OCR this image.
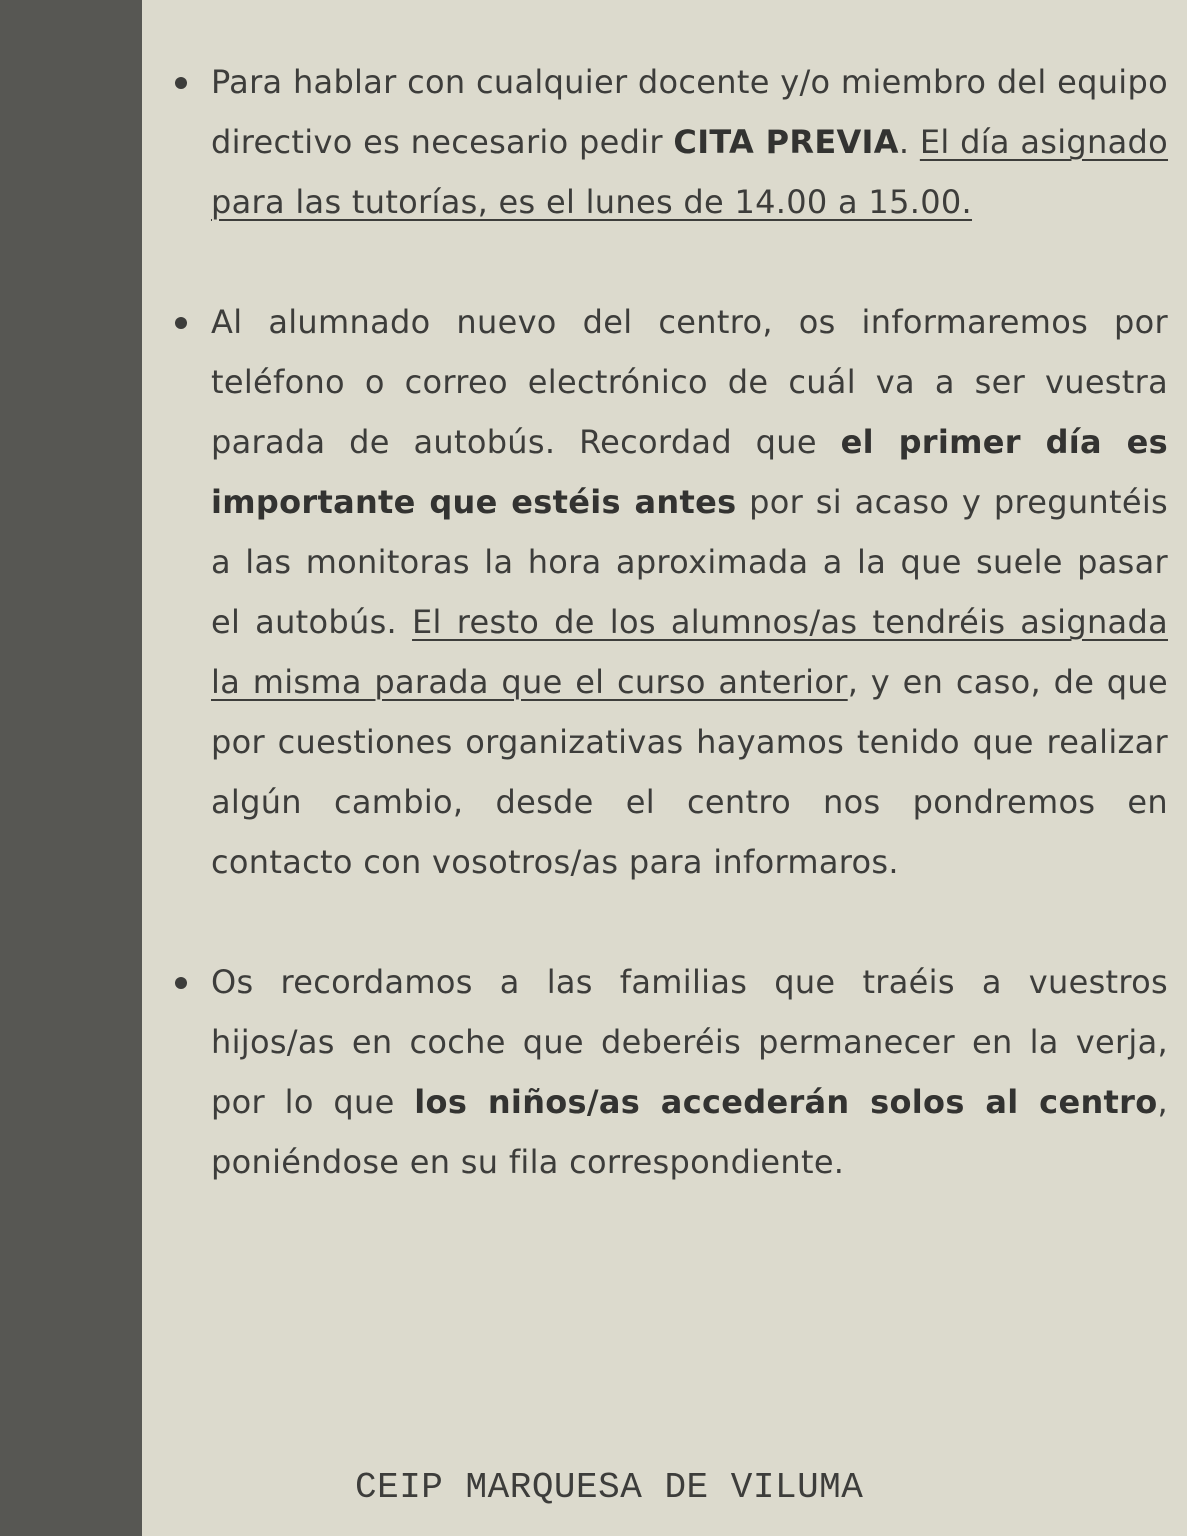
Para hablar con cualquier docente y/o miembro del equipo directivo es necesario pedir CITA PREVIA. El día asignado para las tutorías, es el lunes de 14.00 a 15.00.

Al alumnado nuevo del centro, os informaremos por teléfono o correo electrónico de cuál va a ser vuestra parada de autobús. Recordad que el primer día es importante que estéis antes por si acaso y preguntéis a las monitoras la hora aproximada a la que suele pasar el autobús. El resto de los alumnos/as tendréis asignada la misma parada que el curso anterior, y en caso, de que por cuestiones organizativas hayamos tenido que realizar algún cambio, desde el centro nos pondremos en contacto con vosotros/as para informaros.

Os recordamos a las familias que traéis a vuestros hijos/as en coche que deberéis permanecer en la verja, por lo que los niños/as accederán solos al centro, poniéndose en su fila correspondiente.

CEIP MARQUESA DE VILUMA
